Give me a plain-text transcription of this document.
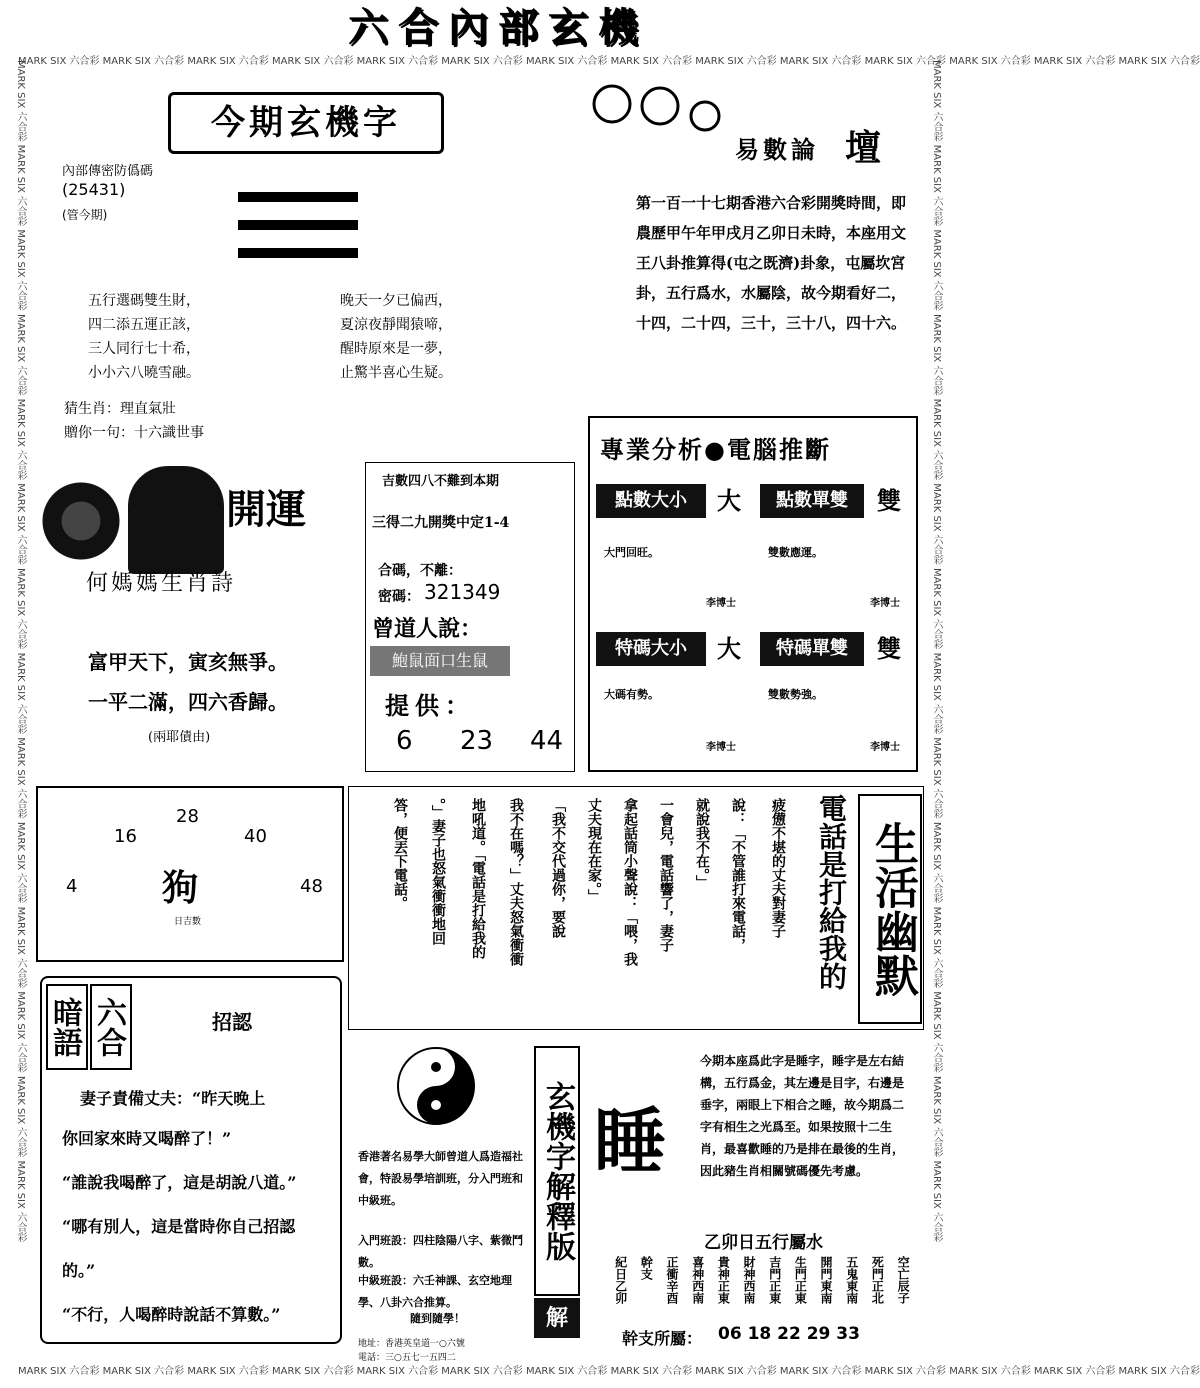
MARK SIX 六合彩 MARK SIX 六合彩 MARK SIX 六合彩 MARK SIX 六合彩 MARK SIX 六合彩 MARK SIX 六合彩 MARK SIX 六合彩 MARK SIX 六合彩 MARK SIX 六合彩 MARK SIX 六合彩 MARK SIX 六合彩 MARK SIX 六合彩 MARK SIX 六合彩 MARK SIX 六合彩
MARK SIX 六合彩 MARK SIX 六合彩 MARK SIX 六合彩 MARK SIX 六合彩 MARK SIX 六合彩 MARK SIX 六合彩 MARK SIX 六合彩 MARK SIX 六合彩 MARK SIX 六合彩 MARK SIX 六合彩 MARK SIX 六合彩 MARK SIX 六合彩 MARK SIX 六合彩 MARK SIX 六合彩
MARK SIX 六合彩 MARK SIX 六合彩 MARK SIX 六合彩 MARK SIX 六合彩 MARK SIX 六合彩 MARK SIX 六合彩 MARK SIX 六合彩 MARK SIX 六合彩 MARK SIX 六合彩 MARK SIX 六合彩 MARK SIX 六合彩 MARK SIX 六合彩 MARK SIX 六合彩 MARK SIX 六合彩	MARK SIX 六合彩 MARK SIX 六合彩 MARK SIX 六合彩 MARK SIX 六合彩 MARK SIX 六合彩 MARK SIX 六合彩 MARK SIX 六合彩 MARK SIX 六合彩 MARK SIX 六合彩 MARK SIX 六合彩 MARK SIX 六合彩 MARK SIX 六合彩 MARK SIX 六合彩 MARK SIX 六合彩
六合內部玄機
今期玄機字
內部傳密防僞碼
(25431)
(管今期)
五行選碼雙生財，
四二添五運正該，
三人同行七十希，
小小六八曉雪融。
晚天一夕已偏西，
夏涼夜靜聞猿啼，
醒時原來是一夢，
止驚半喜心生疑。
猜生肖：理直氣壯
贈你一句：十六識世事
易數論 壇
第一百一十七期香港六合彩開獎時間，即農歷甲午年甲戌月乙卯日未時，本座用文王八卦推算得(屯之既濟)卦象，屯屬坎宮卦，五行爲水，水屬陰，故今期看好二，十四，二十四，三十，三十八，四十六。
開運
何媽媽生肖詩
吉數四八不難到本期
三得二九開獎中定1-4
合碼，不離：
密碼： 321349
曾道人說：
鮑鼠面口生鼠
提供：
6 23 44
富甲天下，寅亥無爭。
一平二滿，四六香歸。
(兩耶債由)
專業分析●電腦推斷
點數大小	大
大門回旺。
李博士
點數單雙	雙
雙數應運。
李博士
特碼大小	大
大碼有勢。
李博士
特碼單雙	雙
雙數勢強。
李博士
16
28
40
4	48
狗
日吉數	生活幽默
電話是打給我的
疲憊不堪的丈夫對妻子
說：「不管誰打來電話，
就說我不在。」
一會兒，電話響了，妻子
拿起話筒小聲說：「喂，我
丈夫現在在家。」
「我不交代過你，要說
我不在嗎？」丈夫怒氣衝衝
地吼道。「電話是打給我的
。」妻子也怒氣衝衝地回
答，便丟下電話。
暗語 六合	招認
妻子責備丈夫：“昨天晚上
你回家來時又喝醉了！”
“誰說我喝醉了，這是胡說八道。”
“哪有別人，這是當時你自己招認
的。”
“不行，人喝醉時說話不算數。”
香港著名易學大師曾道人爲造福社會，特設易學培訓班，分入門班和中級班。
入門班設：四柱陰陽八字、紫微鬥數。
中級班設：六壬神課、玄空地理學、八卦六合推算。
隨到隨學！
地址：香港英皇道一○六號
電話：三○五七一五四二
玄機字解釋版
解
睡
今期本座爲此字是睡字，睡字是左右結構，五行爲金，其左邊是目字，右邊是垂字，兩眼上下相合之睡，故今期爲二字有相生之光爲至。如果按照十二生肖，最喜歡睡的乃是排在最後的生肖，因此豬生肖相關號碼優先考慮。
乙卯日五行屬水
紀日乙卯
幹支 正衝辛酉
喜神西南
貴神正東
財神西南
吉門正東
生門正東
開門東南
五鬼東南
死門正北
空亡辰子
幹支所屬： 06 18 22 29 33
